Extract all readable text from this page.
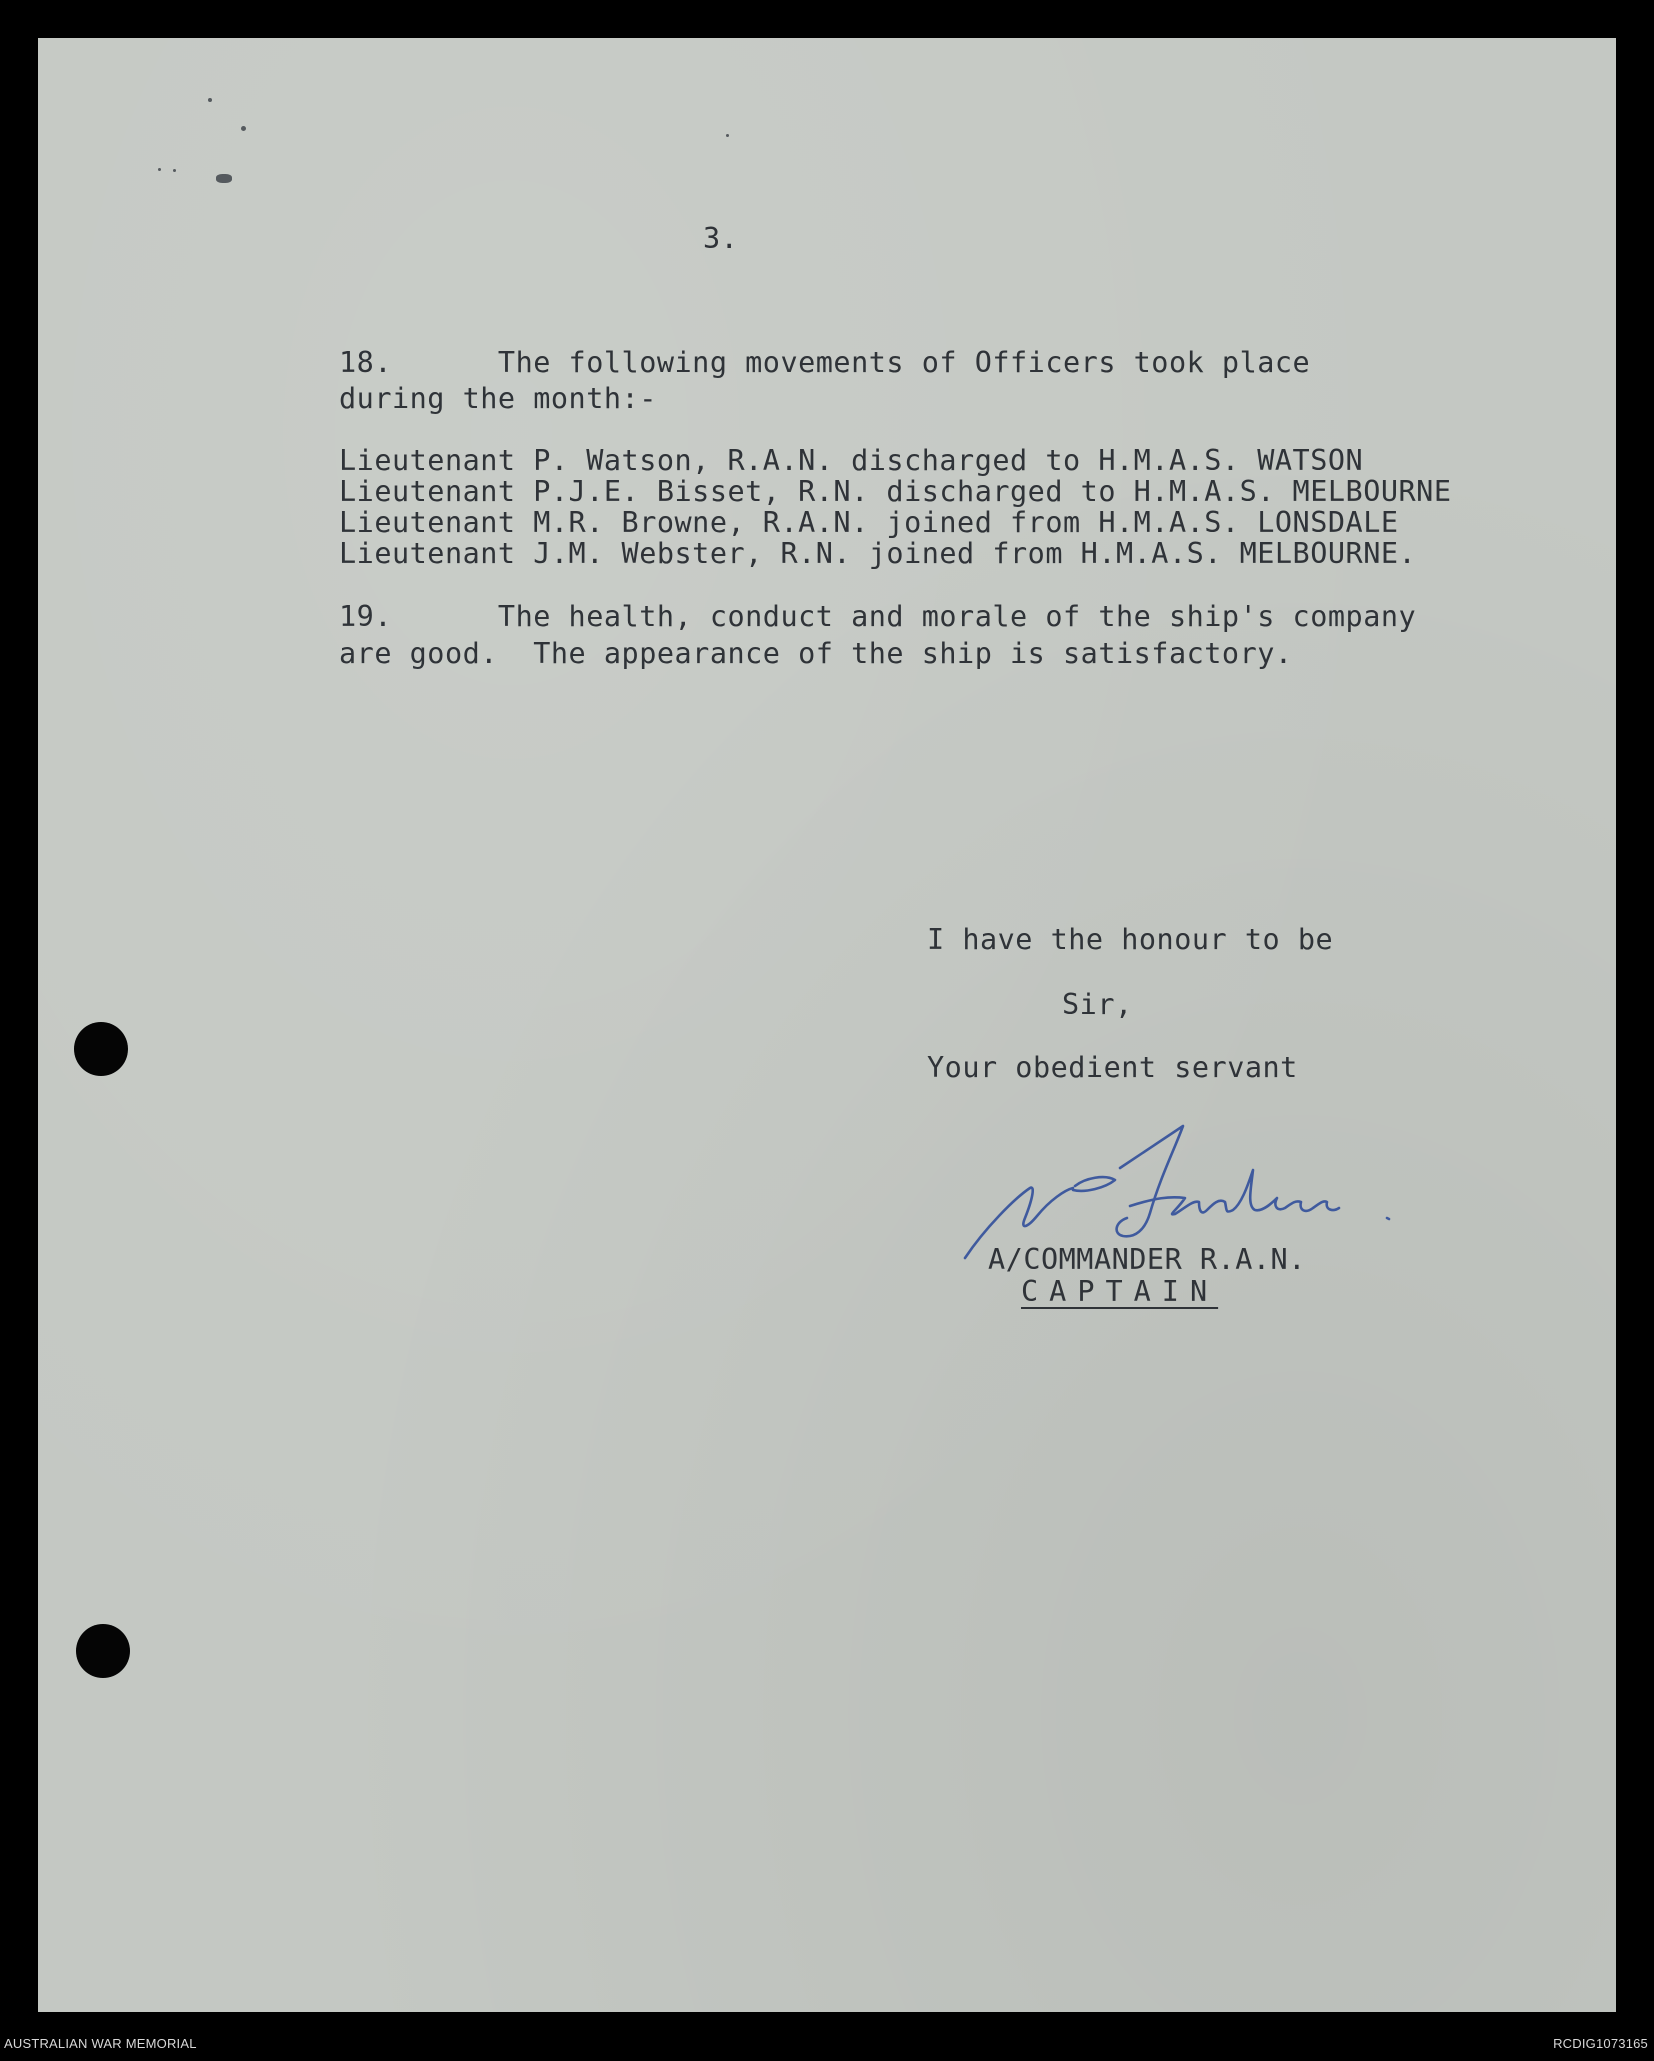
3.
18.      The following movements of Officers took place
during the month:-
Lieutenant P. Watson, R.A.N. discharged to H.M.A.S. WATSON
Lieutenant P.J.E. Bisset, R.N. discharged to H.M.A.S. MELBOURNE
Lieutenant M.R. Browne, R.A.N. joined from H.M.A.S. LONSDALE
Lieutenant J.M. Webster, R.N. joined from H.M.A.S. MELBOURNE.
19.      The health, conduct and morale of the ship's company
are good.  The appearance of the ship is satisfactory.
I have the honour to be
Sir,
Your obedient servant
A/COMMANDER R.A.N.
CAPTAIN
AUSTRALIAN WAR MEMORIAL	RCDIG1073165
